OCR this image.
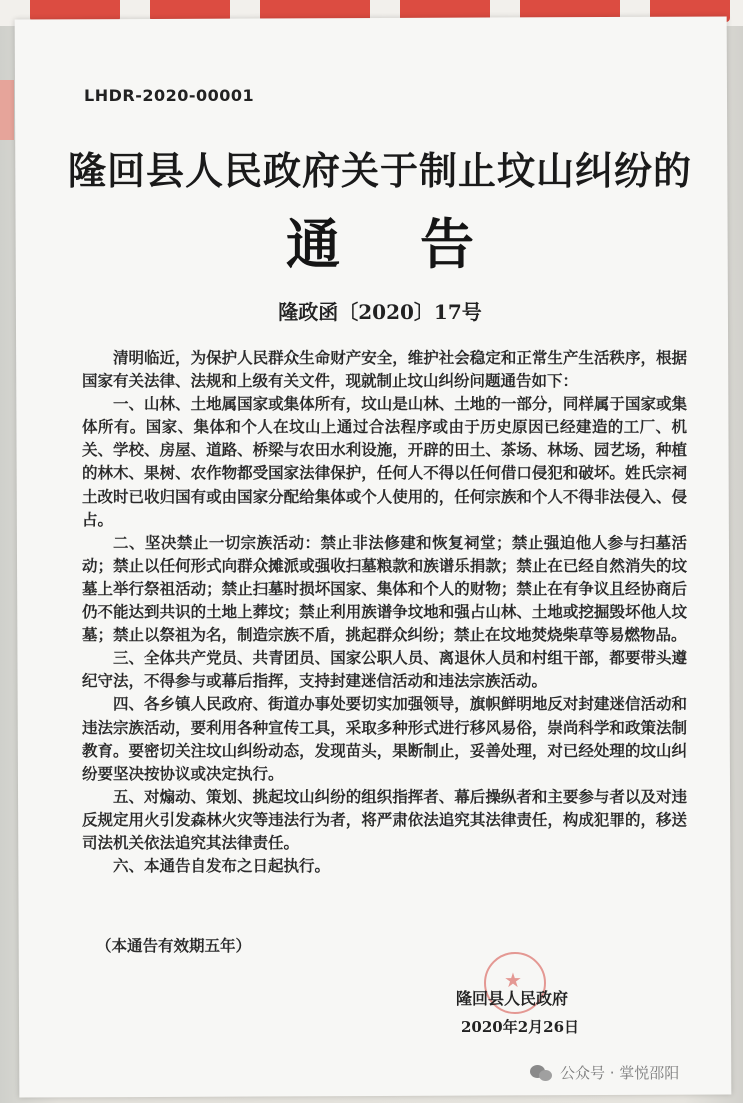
LHDR-2020-00001
隆回县人民政府关于制止坟山纠纷的
通告
隆政函〔2020〕17号

清明临近，为保护人民群众生命财产安全，维护社会稳定和正常生产生活秩序，根据国家有关法律、法规和上级有关文件，现就制止坟山纠纷问题通告如下：

一、山林、土地属国家或集体所有，坟山是山林、土地的一部分，同样属于国家或集体所有。国家、集体和个人在坟山上通过合法程序或由于历史原因已经建造的工厂、机关、学校、房屋、道路、桥梁与农田水利设施，开辟的田土、茶场、林场、园艺场，种植的林木、果树、农作物都受国家法律保护，任何人不得以任何借口侵犯和破坏。姓氏宗祠土改时已收归国有或由国家分配给集体或个人使用的，任何宗族和个人不得非法侵入、侵占。

二、坚决禁止一切宗族活动：禁止非法修建和恢复祠堂；禁止强迫他人参与扫墓活动；禁止以任何形式向群众摊派或强收扫墓粮款和族谱乐捐款；禁止在已经自然消失的坟墓上举行祭祖活动；禁止扫墓时损坏国家、集体和个人的财物；禁止在有争议且经协商后仍不能达到共识的土地上葬坟；禁止利用族谱争坟地和强占山林、土地或挖掘毁坏他人坟墓；禁止以祭祖为名，制造宗族不盾，挑起群众纠纷；禁止在坟地焚烧柴草等易燃物品。

三、全体共产党员、共青团员、国家公职人员、离退休人员和村组干部，都要带头遵纪守法，不得参与或幕后指挥，支持封建迷信活动和违法宗族活动。

四、各乡镇人民政府、街道办事处要切实加强领导，旗帜鲜明地反对封建迷信活动和违法宗族活动，要利用各种宣传工具，采取多种形式进行移风易俗，崇尚科学和政策法制教育。要密切关注坟山纠纷动态，发现苗头，果断制止，妥善处理，对已经处理的坟山纠纷要坚决按协议或决定执行。

五、对煽动、策划、挑起坟山纠纷的组织指挥者、幕后操纵者和主要参与者以及对违反规定用火引发森林火灾等违法行为者，将严肃依法追究其法律责任，构成犯罪的，移送司法机关依法追究其法律责任。

六、本通告自发布之日起执行。

（本通告有效期五年）
★
隆回县人民政府
2020年2月26日
公众号 · 掌悦邵阳
